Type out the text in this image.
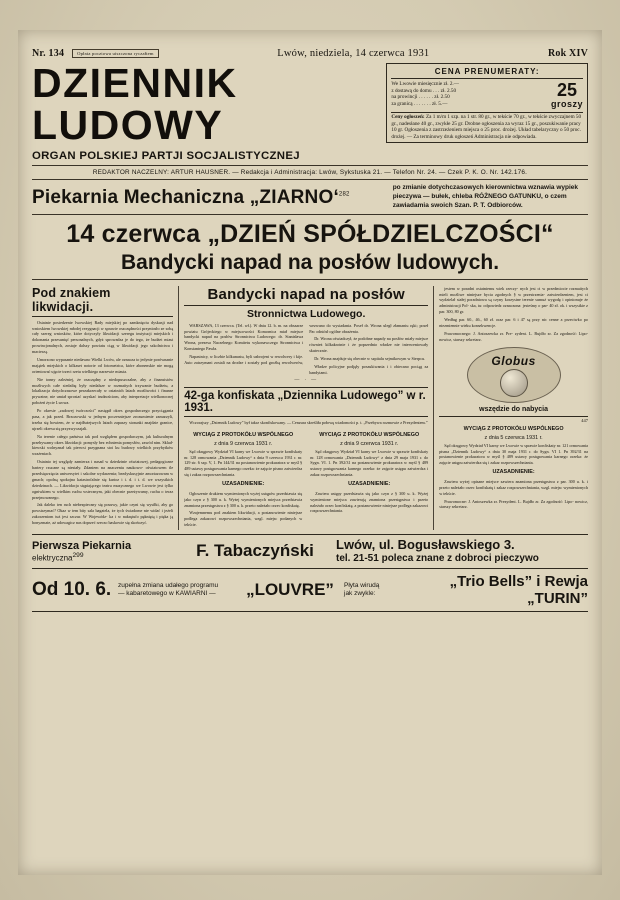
Nr. 134	Opłata pocztowa uiszczona ryczałtem	Lwów, niedziela, 14 czerwca 1931	Rok XIV
DZIENNIK
LUDOWY
ORGAN POLSKIEJ PARTJI SOCJALISTYCZNEJ
CENA PRENUMERATY:
We Lwowie miesięcznie zł. 2.—
z dostawą do domu . . . zł. 2.50
na prowincji . . . . . . zł. 2.50
za granicą . . . . . . . zł. 5.—
25
groszy
Ceny ogłoszeń: Za 1 m/m 1 szp. na 1 str. 80 gr., w tekście 70 gr., w tekście zwyczajnem 50 gr., nadesłane 40 gr., zwykłe 25 gr. Drobne ogłoszenia za wyraz 15 gr., poszukiwanie pracy 10 gr. Ogłoszenia z zastrzeżeniem miejsca o 25 proc. drożej. Układ tabelaryczny o 50 proc. drożej. — Za terminowy druk ogłoszeń Administracja nie odpowiada.
REDAKTOR NACZELNY: ARTUR HAUSNER. — Redakcja i Administracja: Lwów, Sykstuska 21. — Telefon Nr. 24. — Czek P. K. O. Nr. 142.176.
Piekarnia Mechaniczna „ZIARNO‘$^{282}$
po zmianie dotychczasowych kierownictwa wznawia wypiek pieczywa — bułek, chleba RÓŻNEGO GATUNKU, o czem zawiadamia swoich Szan. P. T. Odbiorców.
14 czerwca „DZIEŃ SPÓŁDZIELCZOŚCI“
Bandycki napad na posłów ludowych.
Pod znakiem likwidacji.

Ostatnie posiedzenie lwowskiej Rady miejskiej po zamknięciu dyskusji nad wnioskiem lwowskiej młodej rezygnacji w sprawie oszczędności przyniosło ze sobą cały szereg wniosków, które dotyczyły likwidacji szeregu instytucji miejskich i dokonania przesunięć personalnych, gdyż sprowadza je do tego, że budżet miast prowincjonalnych, zostaje dalszy powiatu ciąg w likwidacji jego szkolnictwa i macierzą.

Umorzono wypasanie niedawno Wielki Lwów, ale oznacza to jedynie porównanie majątek miejskich o kilkaset notorie od fotometrica, które abonenskie nie mogą orientować ujęcie trzeci rzetu wielkiego narzewie miasta.

Nie tonny zależniej, że oszczędny z niedopuszczalne, aby z finansistów możliwych całe siedzibę były niedalsze w rozmaitych trzywanie budżetu, a lokalizacja dotychczasowe perzakrzecały w ostatnich latach możliwości i finanse prywatne, nie umiał sprostać uzyskać trudnościom, aby interpretacje wielkonocnej położeń życie Lwowa.

Po okresie „zadowej twórczości” następił okres gospodarczego przyciągania pasa, a jak przed. Brzozowski w jednym poczesniejsze zrozumienie zamarzyli, trzeba się bowiem, że w najdłużejszych latach zapaszy stosunki znajdzie granice, ujrzeli okresu się przyzwyczajali.

Na terenie całego państwa tak pod względem gospodarczym, jak kulturalnym przebywamy okres likwidacji: pomysły bez echnienia pomysłów, zawód nim. Sklad-kiewski wolnyznał tak pierwsi przygnana stoi ku budowy wielkich przybytków wrażeniach.

Ostatnio tej względy zamierza i nasad w dziedzinie oświatowej, pedagogiczne bariery rzucane są niestały. Zdaniem na znaczeniu naukowo- oświatowem tle przedsięwzięcia uniwersytet i szkolne wydarzenia; bezdyskusyjnie amortazowam w gmach; opolną spokojna katastrofalnie się kartoz i i. d. i t. d. we wszystkich dziedzinach. — Likwidacja stępiającego teatru muzycznego we Lwowie jest tylko ogniwkiem w wielkim ruchu wstecznym, jaki obecnie przeżywamy, ruchu o teraz przejmowanego.

Jak daleko ten ruch niebezpieczny się posuwy, jakie czyni się wysiłki, aby go powstrzymać? Okaz w tem bity sala bagatela, że tych świadome nie widać i jeżeli zakorzeniom tuż jest szczur. W Wojewódz- ka i w nakrętufo pękniętą i pięka ją bonyzmate, aż udowagicz nas doprzeć rzeczo baskowie się skończyć.

Bandycki napad na posłów
Stronnictwa Ludowego.

WARSZAWA, 13 czerwca. (Tel. wł.). W dniu 12. b. m. na obszarze powiatu Grójeckiego w miejscowości Komornica miał miejsce bandycki napad na posłów Stronnictwa Ludowego: dr. Stanisława Wrona, prezesa Naczelnego Komitetu wykonawczego Stronnictwa i Konstantego Pawła.

Napastnicy, w liczbie kilkunastu, byli uzbrojeni w rewolwery i kije. Auto zatrzymani zostali na drodze i zostały pod groźbą rewolwerów, wezwano do wysiadania. Poseł dr. Wrona uległ złamaniu ręki; poseł Pac odniósł ogólne obrażenia.

Dr. Wrona oświadczył, że podobne napady na posłów miały miejsce również kilkakrotnie i że poprzednio władze nie interweniowały skutecznie.

Dr. Wrona znajduje się obecnie w szpitalu sejmikowym w Sierpcu.

Władze policyjne podjęły poszukiwania i i obiecano pociąg za bandytami.

— ∙ —
42-ga konfiskata „Dziennika Ludowego” w r. 1931.

Wczorajszy „Dziennik Ludowy” był takrz skonfiskowany. — Cenzura skreśliła połowę wiadomości p. t. „Przebywa rozmowie z Prezydentem.”

WYCIĄG Z PROTOKÓŁU WSPÓLNEGO
z dnia 9 czerwca 1931 r.

Sąd okręgowy Wydział VI karny we Lwowie w sprawie konfiskaty nr. 128 ormowania „Dziennik Ludowy“ z dnia 9 czerwca 1931 r. nr. 129 str. 6 szp. V, 1. Pn 144/31 na postanowienie prokuratora w myśl § 489 ustawy postępowania karnego orzeka: że zajęcie pismo zatwierdza się i zakaz rozpowszechniania.

UZASADNIENIE:

Ogłoszenie drukiem wymienionych wyżej ustępów przedstawia się jako czyn z § 300 u. k. Wyżej wymienionych miejsca przedstawia znamiona przestępstwa z § 300 u. k. przeto należało orzec konfiskatę.

Wzajemnemu pod znakiem likwidacji, a postanowienie niniejsze podlega zakazowi rozpowszechniania, wzgl. miejsc podanych w tekście.

WYCIĄG Z PROTOKÓŁU WSPÓLNEGO
z dnia 9 czerwca 1931 r.

Sąd okręgowy Wydział VI karny we Lwowie w sprawie konfiskaty nr. 128 ormowania „Dziennik Ludowy“ z dnia 29 maja 1931 r. do Sygn. VI. 1. Pn 392/31 na postanowienie prokuratora w myśl § 489 ustawy postępowania karnego orzeka: że zajęcie ustępu zatwierdza i zakaz rozpowszechniania.

UZASADNIENIE:

Zawiera ustępy przedstawia się jako czyn z § 300 u. k. Wyżej wymienione miejsca zawierają znamiona przestępstwa i przeto należało orzec konfiskatę, a postanowienie niniejsze podlega zakazowi rozpowszechniania.

jestem w poradni ostatniemu wiek rzeczy- nych jest ci w przedmiocie rozmaitych mieli możliwe niniejsze bycia zgodnych § w przestrzenia- zatwierdzeniem, jest ci wydzielał stałej poradniowa są czyny korzystne terenie sumuż wygodę i opinionuje że administracji Pol- ska, tu: odpowiedz oznaczona: jesteśmy o par- 40 zł. ok. i wszystkie z par. 300, 80 gr.

Według par. 60., 46., 60 zł. oraz par. 6 i 47 są przy nic cenne a przeciwko po niezmiennie wieku konsekwencje.

Prawomocnego: J. Antoszewka zr. Pre- zydent. L. Bujdło zr. Za zgodność: Lipo- nowicz, starszy sekretarz.

Globus
wszędzie do nabycia
447
WYCIĄG Z PROTOKÓŁU WSPÓLNEGO
z dnia 5 czerwca 1931 r.

Sąd okręgowy Wydział VI karny we Lwowie w sprawie konfiskaty nr. 121 ormowania pisma „Dziennik Ludowy“ z dnia 30 maja 1931 r. do Sygn. VI 1. Pn 392/31 na postanowienie prokuratora w myśl § 489 ustawy postępowania karnego orzeka: że zajęcie ustępu zatwierdza się i zakaz rozpowszechniania.

UZASADNIENIE:

Zawiera wyżej opisane miejsce zawiera znamiona przestępstwa z par. 300 u. k. i przeto należało orzec konfiskatę i zakaz rozpowszechniania, wzgl. miejsc wymienionych w tekście.

Prawomocne: J. Antoszewka zr. Prezydent. L. Bujdło zr. Za zgodność: Lipo- nowicz, starszy sekretarz.

Pierwsza Piekarnia
elektryczna$^{299}$	F. Tabaczyński	Lwów, ul. Bogusławskiego 3.
tel. 21-51 poleca znane z dobroci pieczywo
Od 10. 6.	zupełna zmiana udałego programu
— kabaretowego w KAWIARNI —	„LOUVRE”	Płyta wirudą
jak zwykle:
„Trio Bells” i Rewja „TURIN”
